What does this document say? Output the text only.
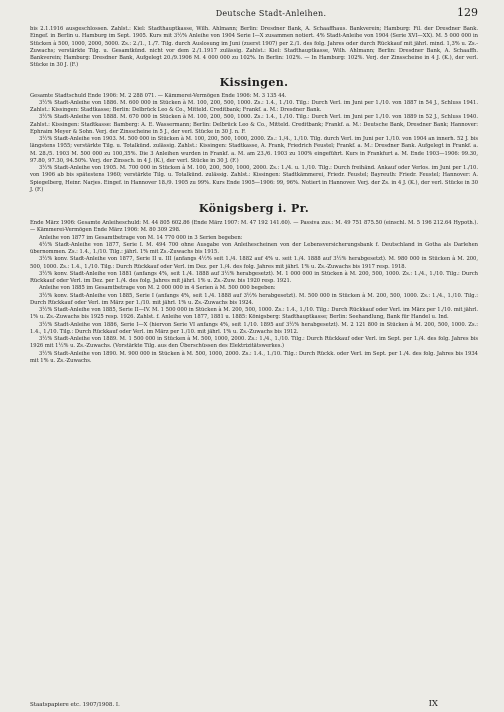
Deutsche Stadt-Anleihen.	129

bis 2.1.1916 ausgeschlossen. Zahlst.: Kiel: Stadthauptkasse, Wilh. Ahlmann; Berlin: Dresdner Bank, A. Schaaffhaus. Bankverein; Hamburg: Fil. der Dresdner Bank. Eingef. in Berlin u. Hamburg im Sept. 1905. Kurs mit 3½% Anleihe von 1904 Serie I—X zusammen notiert. 4% Stadt-Anleihe von 1904 (Serie XVI—XX). M. 5 000 000 in Stücken à 500, 1000, 2000, 5000. Zs.: 2./1., 1./7. Tilg. durch Auslosung im Juni (zuerst 1907) per 2./1. des folg. Jahres oder durch Rückkauf mit jährl. mind. 1,3% u. Zs.-Zuwachs; verstärkte Tilg. u. Gesamtkünd. nicht vor dem 2./1.1917 zulässig. Zahlst.: Kiel: Stadthauptkasse, Wilh. Ahlmann; Berlin: Dresdner Bank, A. Schaaffh. Bankverein; Hamburg: Dresdner Bank, Aufgelegt 20./9.1906 M. 4 000 000 zu 102%. In Berlin: 102%. — In Hamburg: 102%. Verj. der Zinsscheine in 4 J. (K.), der verl. Stücke in 30 J. (F.)

Kissingen.

Gesamte Stadtschuld Ende 1906: M. 2 288 071. — Kämmerei-Vermögen Ende 1906: M. 3 135 44.

3½% Stadt-Anleihe von 1886. M. 600 000 in Stücken à M. 100, 200, 500, 1000. Zs.: 1.4., 1./10. Tilg.: Durch Verl. im Juni per 1./10. von 1887 in 54 J., Schluss 1941. Zahlst.: Kissingen: Stadtkasse; Berlin: Delbrück Leo & Co., Mitteld. Creditbank; Frankf. a. M.: Dresdner Bank.

3½% Stadt-Anleihe von 1888. M. 670 000 in Stücken à M. 100, 200, 500, 1000. Zs.: 1.4., 1./10. Tilg.: Durch Verl. im Juni per 1./10. von 1889 in 52 J., Schluss 1940. Zahlst.: Kissingen: Stadtkasse: Bamberg: A. E. Wassermann; Berlin: Delbrück Leo & Co., Mitteld. Creditbank; Frankf. a. M.: Deutsche Bank, Dresdner Bank; Hannover: Ephraim Meyer & Sohn. Verj. der Zinsscheine in 5 J., der verl. Stücke in 30 J. n. F.

3½% Stadt-Anleihe von 1903. M. 500 000 in Stücken à M. 100, 200, 500, 1000, 2000. Zs.: 1./4., 1./10. Tilg. durch Verl. im Juni per 1./10. von 1904 an innerh. 52 J. bis längstens 1955; verstärkte Tilg. u. Totalkünd. zulässig. Zahlst.: Kissingen: Stadtkasse, A. Frank, Friedrich Feustel; Frankf. a. M.: Dresdner Bank. Aufgelegt in Frankf. a. M. 28./5. 1903 M. 500 000 zu 100,35%. Die 3 Anleihen wurden in Frankf. a. M. am 23./6. 1903 zu 100% eingeführt. Kurs in Frankfurt a. M. Ende 1903—1906: 99.30, 97.80, 97.30, 94.50%. Verj. der Zinssch. in 4 J. (K.), der verl. Stücke in 30 J. (F.)

3½% Stadt-Anleihe von 1905. M. 700 000 in Stücken à M. 100, 200, 500, 1000, 2000. Zs.: 1./4. u. 1./10. Tilg.: Durch freihänd. Ankauf oder Verlos. im Juni per 1./10. von 1906 ab bis spätestens 1960; verstärkte Tilg. u. Totalkünd. zulässig. Zahlst.: Kissingen: Stadtkämmerei, Friedr. Feustel; Bayreuth: Friedr. Feustel; Hannover: A. Spiegelberg, Heinr. Narjes. Eingef. in Hannover 18./9. 1905 zu 99%. Kurs Ende 1905—1906: 99, 96%. Notiert in Hannover. Verj. der Zs. in 4 J. (K.), der verl. Stücke in 30 J. (F.)

Königsberg i. Pr.

Ende März 1906: Gesamte Anleiheschuld: M. 44 805 602.86 (Ende März 1907: M. 47 192 141.60). — Passiva zus.: M. 49 751 875.50 (einschl. M. 5 196 212.64 Hypoth.). — Kämmerei-Vermögen Ende März 1906: M. 80 309 298.

Anleihe von 1877 im Gesamtbetrage von M. 14 770 000 in 3 Serien begeben:

4½% Stadt-Anleihe von 1877, Serie I. M. 494 700 ohne Ausgabe von Anleihescheinen von der Lebensversicherungsbank f. Deutschland in Gotha als Darlehen übernommen. Zs.: 1.4., 1./10. Tilg.: jährl. 1% mit Zs.-Zuwachs bis 1915.

3½% konv. Stadt-Anleihe von 1877, Serie II u. III (anfangs 4½% seit 1./4. 1882 auf 4% u. seit 1./4. 1888 auf 3½% herabgesetzt). M. 980 000 in Stücken à M. 200, 500, 1000. Zs.: 1.4., 1./10. Tilg.: Durch Rückkauf oder Verl. im Dez. per 1./4. des folg. Jahres mit jährl. 1% u. Zs.-Zuwachs bis 1917 resp. 1918.

3½% konv. Stadt-Anleihe von 1881 (anfangs 4%, seit 1./4. 1888 auf 3½% herabgesetzt). M. 1 000 000 in Stücken à M. 200, 500, 1000. Zs.: 1./4., 1./10. Tilg.: Durch Rückkauf oder Verl. im Dez. per 1./4. des folg. Jahres mit jährl. 1% u. Zs.-Zuw. bis 1920 resp. 1921.

Anleihe von 1885 im Gesamtbetrage von M. 2 000 000 in 4 Serien à M. 500 000 begeben:

3½% konv. Stadt-Anleihe von 1885, Serie I (anfangs 4%, seit 1./4. 1888 auf 3½% herabgesetzt). M. 500 000 in Stücken à M. 200, 500, 1000. Zs.: 1./4., 1./10. Tilg.: Durch Rückkauf oder Verl. im März per 1./10. mit jährl. 1% u. Zs.-Zuwachs bis 1924.

3½% Stadt-Anleihe von 1885, Serie II—IV. M. 1 500 000 in Stücken à M. 200, 500, 1000. Zs.: 1.4., 1./10. Tilg.: Durch Rückkauf oder Verl. im März per 1./10. mit jährl. 1% u. Zs.-Zuwachs bis 1925 resp. 1926. Zahlst. f. Anleihe von 1877, 1881 u. 1885: Königsberg: Stadthauptkasse; Berlin: Seehandlung, Bank für Handel u. Ind.

3½% Stadt-Anleihe von 1886, Serie I—X (hiervon Serie VI anfangs 4%, seit 1./10. 1895 auf 3½% herabgesetzt). M. 2 121 800 in Stücken à M. 200, 500, 1000. Zs.: 1.4., 1./10. Tilg.: Durch Rückkauf oder Verl. im März per 1./10. mit jährl. 1% u. Zs.-Zuwachs bis 1912.

3½% Stadt-Anleihe von 1889. M. 1 500 000 in Stücken à M. 500, 1000, 2000. Zs.: 1./4., 1./10. Tilg.: Durch Rückkauf oder Verl. im Sept. per 1./4. des folg. Jahres bis 1926 mit 1½% u. Zs.-Zuwachs. (Vorstärkte Tilg. aus den Überschüssen des Elektrizitätswerkes.)

3½% Stadt-Anleihe von 1890. M. 900 000 in Stücken à M. 500, 1000, 2000. Zs.: 1.4., 1./10. Tilg.: Durch Rückk. oder Verl. im Sept. per 1./4. des folg. Jahres bis 1934 mit 1% u. Zs.-Zuwachs.

Staatspapiere etc. 1907/1908. I.	IX
